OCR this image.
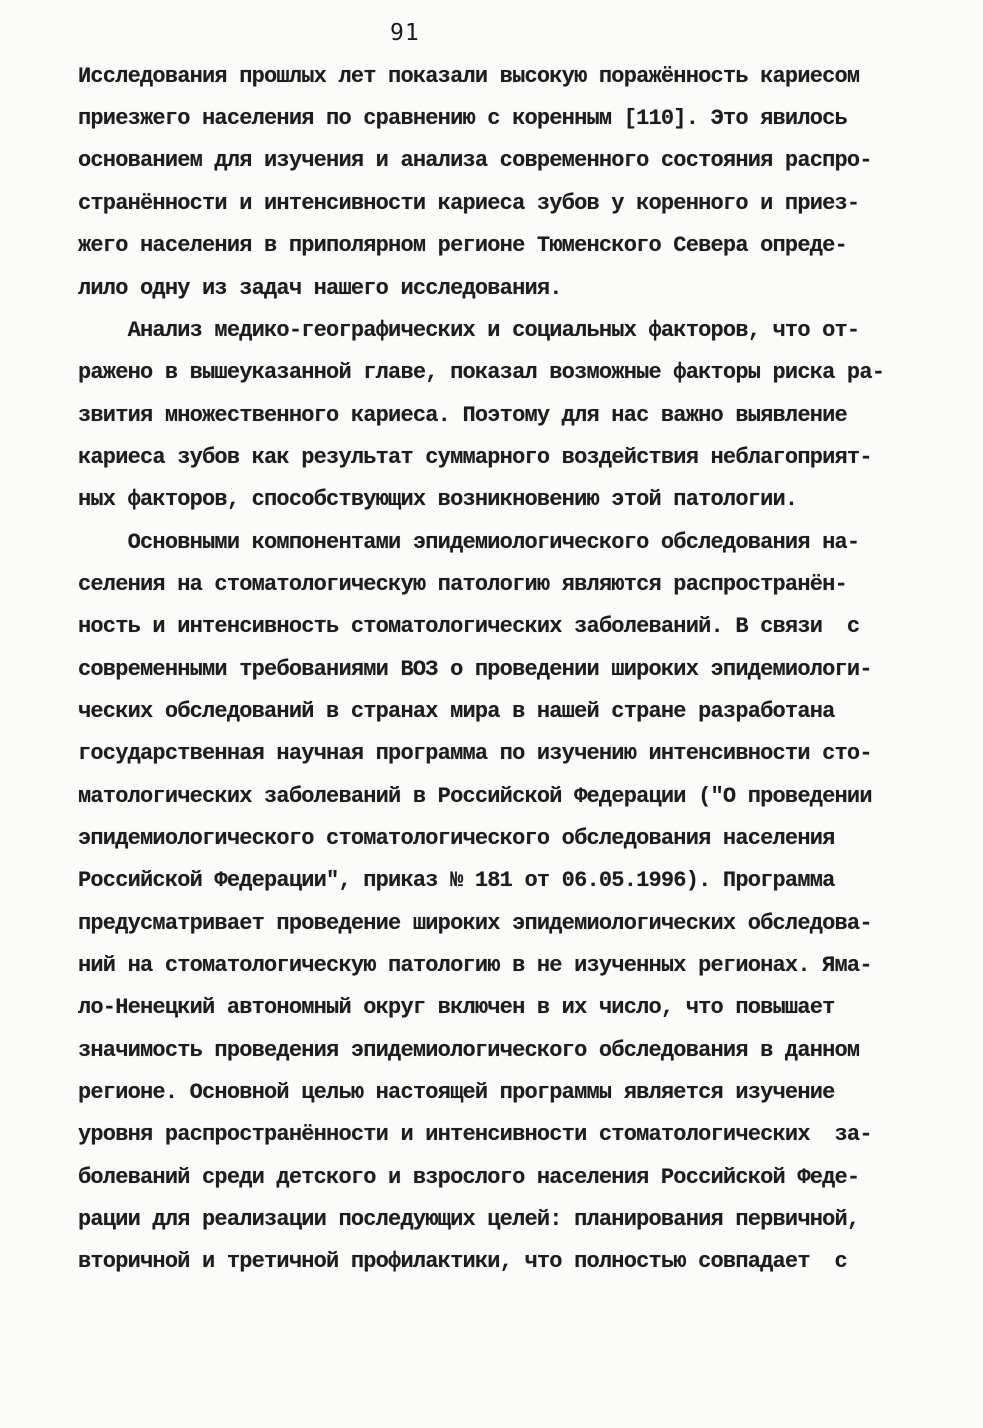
91
Исследования прошлых лет показали высокую поражённость кариесом
приезжего населения по сравнению с коренным [110]. Это явилось
основанием для изучения и анализа современного состояния распро-
странённости и интенсивности кариеса зубов у коренного и приез-
жего населения в приполярном регионе Тюменского Севера опреде-
лило одну из задач нашего исследования.
Анализ медико-географических и социальных факторов, что от-
ражено в вышеуказанной главе, показал возможные факторы риска ра-
звития множественного кариеса. Поэтому для нас важно выявление
кариеса зубов как результат суммарного воздействия неблагоприят-
ных факторов, способствующих возникновению этой патологии.
Основными компонентами эпидемиологического обследования на-
селения на стоматологическую патологию являются распространён-
ность и интенсивность стоматологических заболеваний. В связи  с
современными требованиями ВОЗ о проведении широких эпидемиологи-
ческих обследований в странах мира в нашей стране разработана
государственная научная программа по изучению интенсивности сто-
матологических заболеваний в Российской Федерации ("О проведении
эпидемиологического стоматологического обследования населения
Российской Федерации", приказ № 181 от 06.05.1996). Программа
предусматривает проведение широких эпидемиологических обследова-
ний на стоматологическую патологию в не изученных регионах. Яма-
ло-Ненецкий автономный округ включен в их число, что повышает
значимость проведения эпидемиологического обследования в данном
регионе. Основной целью настоящей программы является изучение
уровня распространённости и интенсивности стоматологических  за-
болеваний среди детского и взрослого населения Российской Феде-
рации для реализации последующих целей: планирования первичной,
вторичной и третичной профилактики, что полностью совпадает  с
